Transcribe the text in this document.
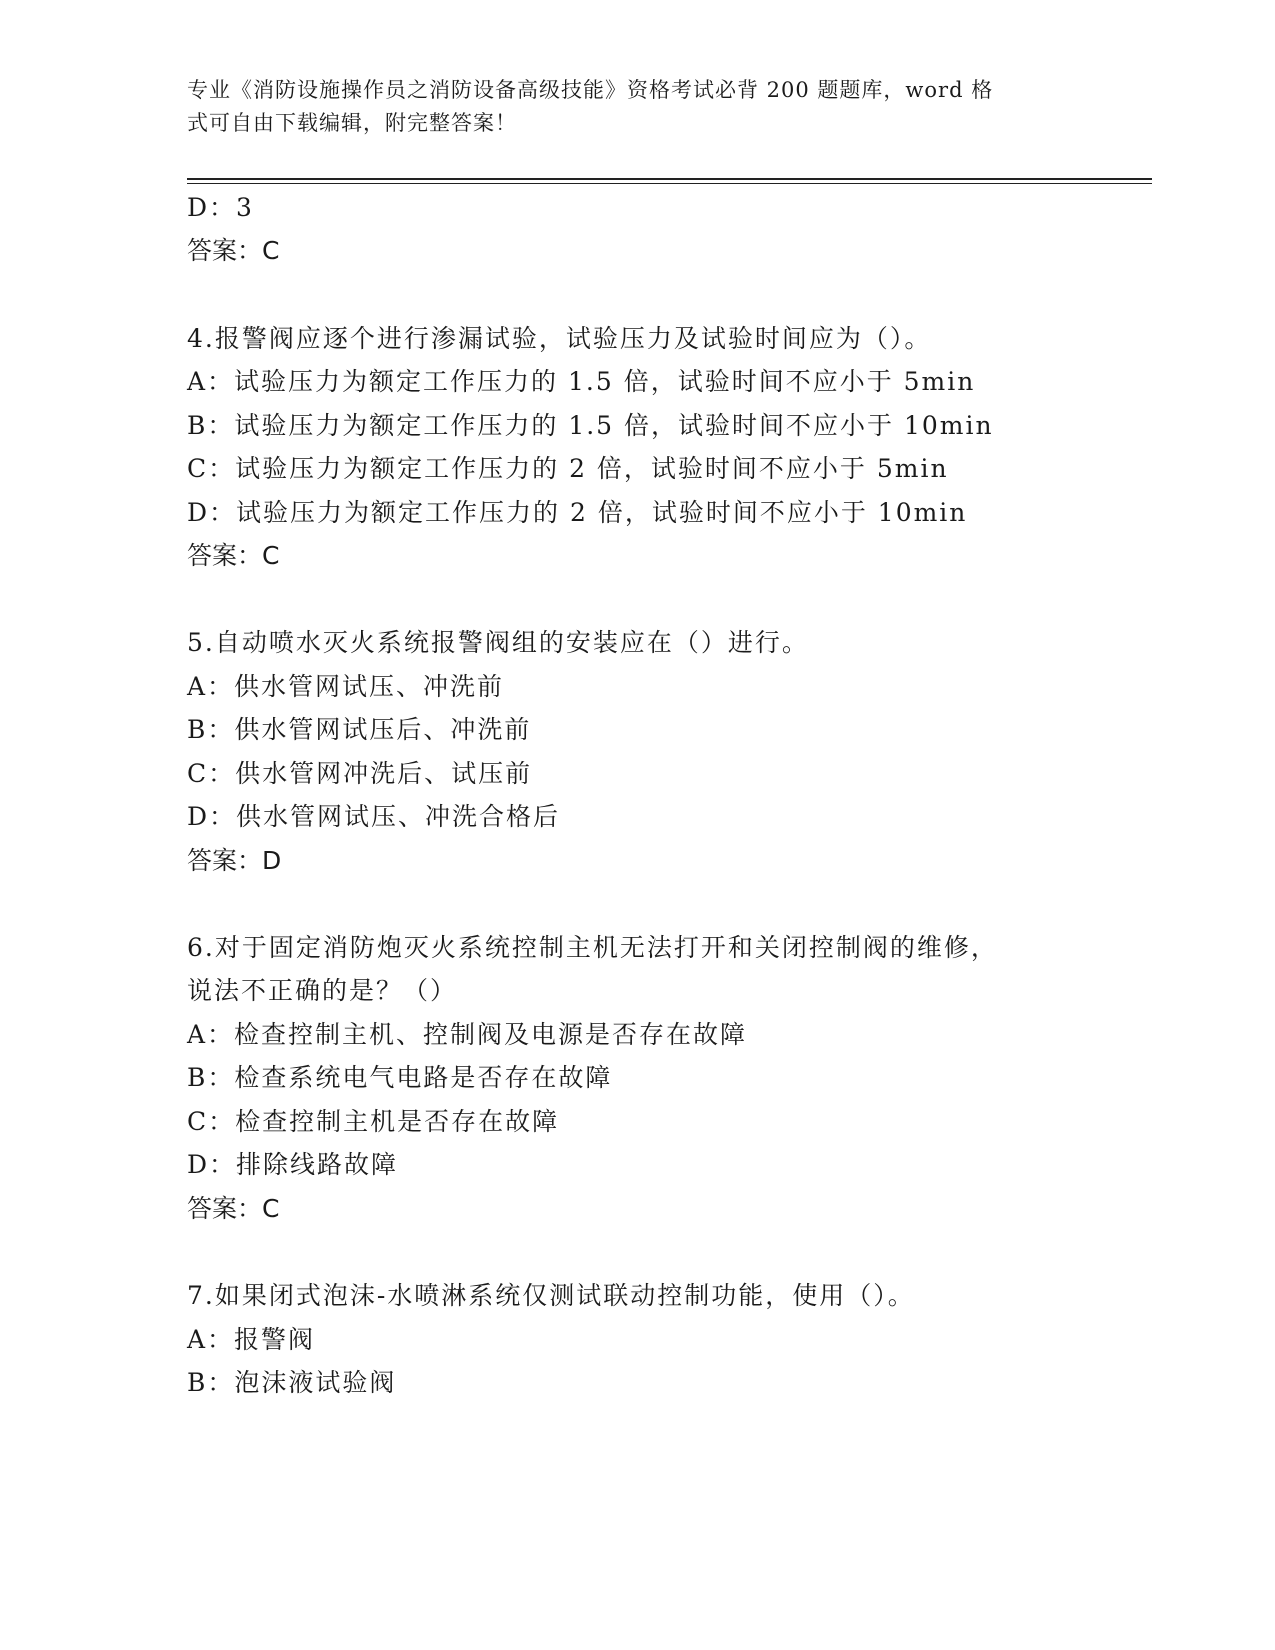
专业《消防设施操作员之消防设备高级技能》资格考试必背 200 题题库，word 格
式可自由下载编辑，附完整答案！
D：3
答案：C
4.报警阀应逐个进行渗漏试验，试验压力及试验时间应为（）。
A：试验压力为额定工作压力的 1.5 倍，试验时间不应小于 5min
B：试验压力为额定工作压力的 1.5 倍，试验时间不应小于 10min
C：试验压力为额定工作压力的 2 倍，试验时间不应小于 5min
D：试验压力为额定工作压力的 2 倍，试验时间不应小于 10min
答案：C
5.自动喷水灭火系统报警阀组的安装应在（）进行。
A：供水管网试压、冲洗前
B：供水管网试压后、冲洗前
C：供水管网冲洗后、试压前
D：供水管网试压、冲洗合格后
答案：D
6.对于固定消防炮灭火系统控制主机无法打开和关闭控制阀的维修，
说法不正确的是？（）
A：检查控制主机、控制阀及电源是否存在故障
B：检查系统电气电路是否存在故障
C：检查控制主机是否存在故障
D：排除线路故障
答案：C
7.如果闭式泡沫-水喷淋系统仅测试联动控制功能，使用（）。
A：报警阀
B：泡沫液试验阀
